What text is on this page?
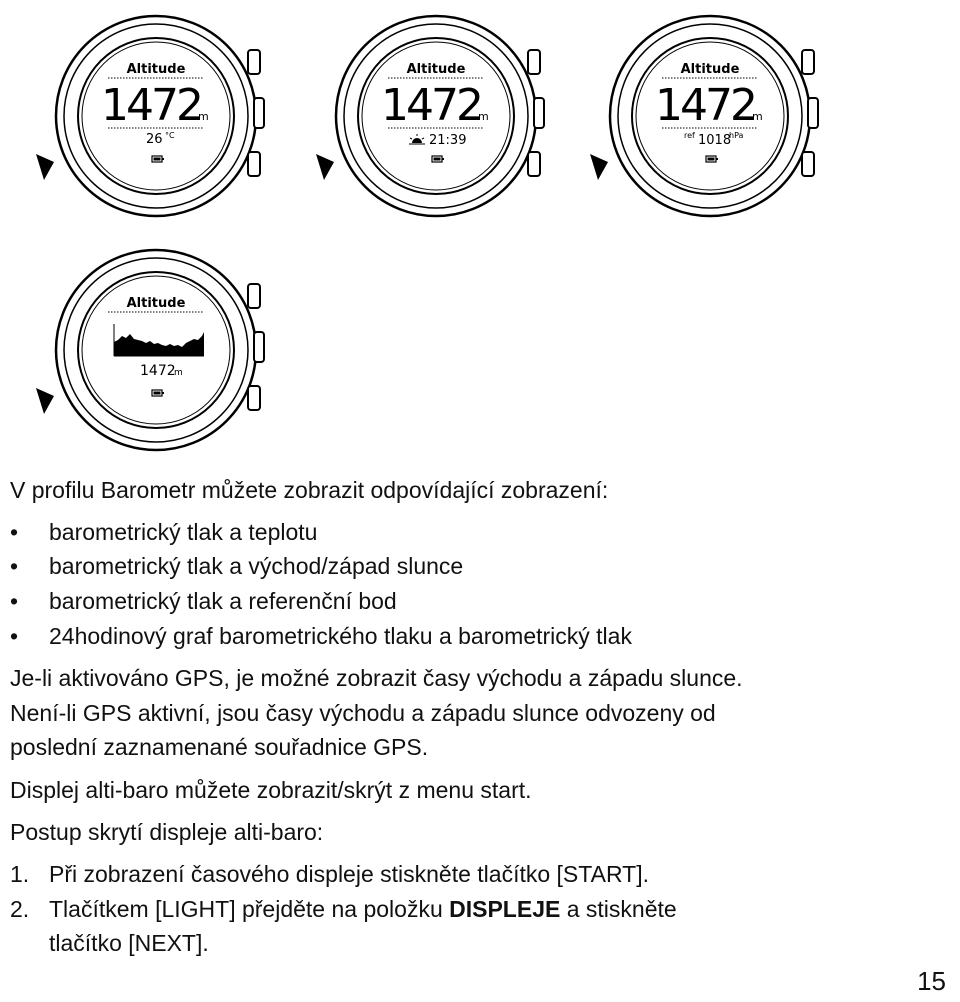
Altitude
1472
m
26 °C
Altitude
1472
m
21:39
Altitude
1472
m
ref 1018
hPa
Altitude
1472
m
V profilu Barometr můžete zobrazit odpovídající zobrazení:
• barometrický tlak a teplotu
• barometrický tlak a východ/západ slunce
• barometrický tlak a referenční bod
• 24hodinový graf barometrického tlaku a barometrický tlak
Je-li aktivováno GPS, je možné zobrazit časy východu a západu slunce.
Není-li GPS aktivní, jsou časy východu a západu slunce odvozeny od
poslední zaznamenané souřadnice GPS.
Displej alti-baro můžete zobrazit/skrýt z menu start.
Postup skrytí displeje alti-baro:
1. Při zobrazení časového displeje stiskněte tlačítko [START].
2. Tlačítkem [LIGHT] přejděte na položku DISPLEJE a stiskněte
tlačítko [NEXT].
15
